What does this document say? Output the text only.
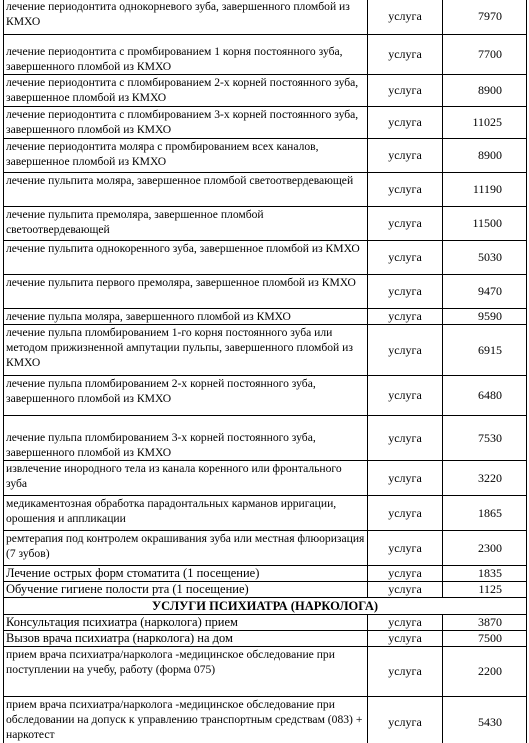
лечение периодонтита однокорневого зуба, завершенного пломбой из КМХО	услуга	7970
лечение периодонтита с промбированием 1 корня постоянного зуба, завершенного пломбой из КМХО	услуга	7700
лечение периодонтита с пломбированием 2-х корней постоянного зуба, завершенное пломбой из КМХО	услуга	8900
лечение периодонтита с пломбированием 3-х корней постоянного зуба, завершенного пломбой из КМХО	услуга	11025
лечение периодонтита моляра с промбированием всех каналов, завершенное пломбой из КМХО	услуга	8900
лечение пульпита моляра, завершенное пломбой светоотвердевающей	услуга	11190
лечение пульпита премоляра, завершенное пломбой светоотвердевающей	услуга	11500
лечение пульпита однокоренного зуба, завершенное пломбой из КМХО	услуга	5030
лечение пульпита первого премоляра, завершенное пломбой из КМХО	услуга	9470
лечение пульпа моляра, завершенного пломбой из КМХО	услуга	9590
лечение пульпа пломбированием 1-го корня постоянного зуба или методом прижизненной ампутации пульпы, завершенного пломбой из КМХО	услуга	6915
лечение пульпа пломбированием 2-х корней постоянного зуба, завершенного пломбой из КМХО	услуга	6480
лечение пульпа пломбированием 3-х корней постоянного зуба, завершенного пломбой из КМХО	услуга	7530
извлечение инородного тела из канала коренного или фронтального зуба	услуга	3220
медикаментозная обработка парадонтальных карманов ирригации, орошения и аппликации	услуга	1865
ремтерапия под контролем окрашивания зуба или местная флюоризация (7 зубов)	услуга	2300
Лечение острых форм стоматита (1 посещение)	услуга	1835
Обучение гигиене полости рта (1 посещение)	услуга	1125
УСЛУГИ ПСИХИАТРА (НАРКОЛОГА)		
Консультация психиатра (нарколога) прием	услуга	3870
Вызов врача психиатра (нарколога) на дом	услуга	7500
прием врача психиатра/нарколога -медицинское обследование при поступлении на учебу, работу (форма 075)	услуга	2200
прием врача психиатра/нарколога -медицинское обследование при обследовании на допуск к управлению транспортным средствам (083) + наркотест	услуга	5430
